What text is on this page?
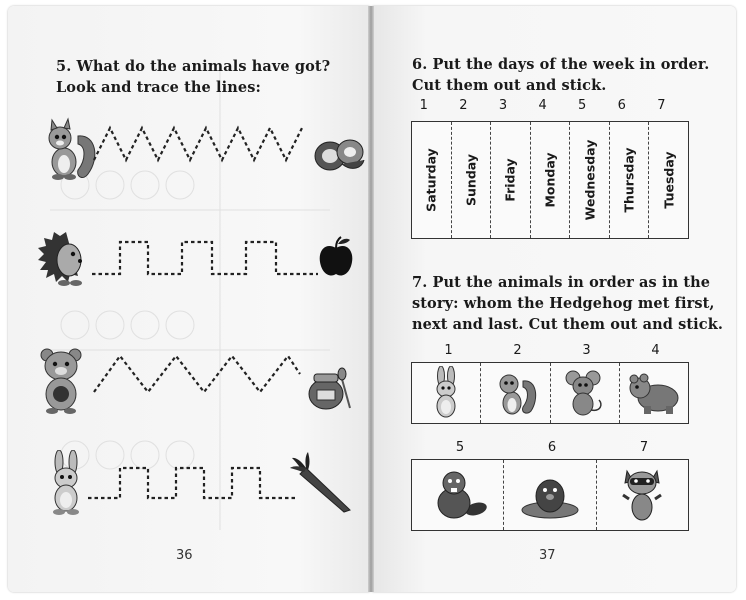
5. What do the animals have got?
Look and trace the lines:
36
6. Put the days of the week in order.
Cut them out and stick.
1	2	3	4	5	6	7
Saturday Sunday Friday Monday Wednesday Thursday Tuesday
7. Put the animals in order as in the
story: whom the Hedgehog met first,
next and last. Cut them out and stick.
1	2	3	4
5	6	7
37
